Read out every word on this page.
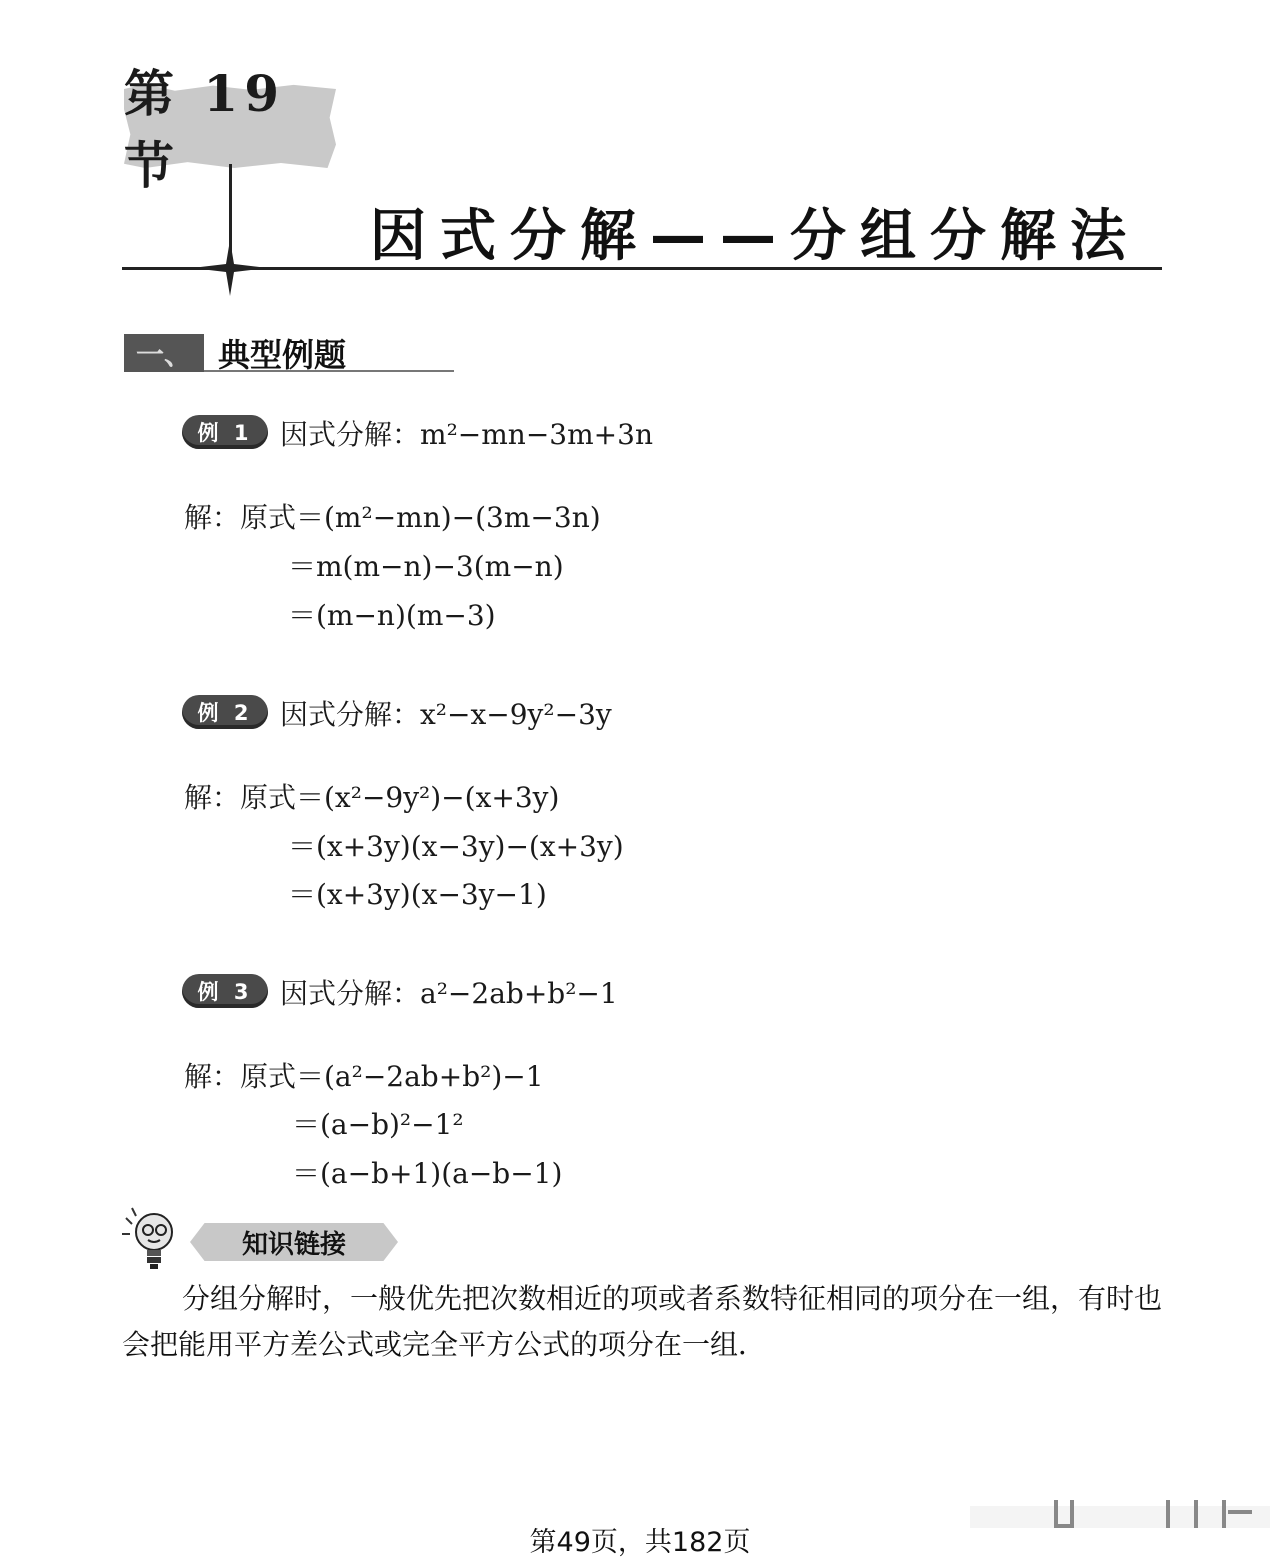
第 19 节
因式分解——分组分解法
一、 典型例题
例 1 因式分解：m²−mn−3m+3n
解：原式＝(m²−mn)−(3m−3n)
＝m(m−n)−3(m−n)
＝(m−n)(m−3)
例 2 因式分解：x²−x−9y²−3y
解：原式＝(x²−9y²)−(x+3y)
＝(x+3y)(x−3y)−(x+3y)
＝(x+3y)(x−3y−1)
例 3 因式分解：a²−2ab+b²−1
解：原式＝(a²−2ab+b²)−1
＝(a−b)²−1²
＝(a−b+1)(a−b−1)
知识链接
分组分解时，一般优先把次数相近的项或者系数特征相同的项分在一组，有时也会把能用平方差公式或完全平方公式的项分在一组．
第49页，共182页
